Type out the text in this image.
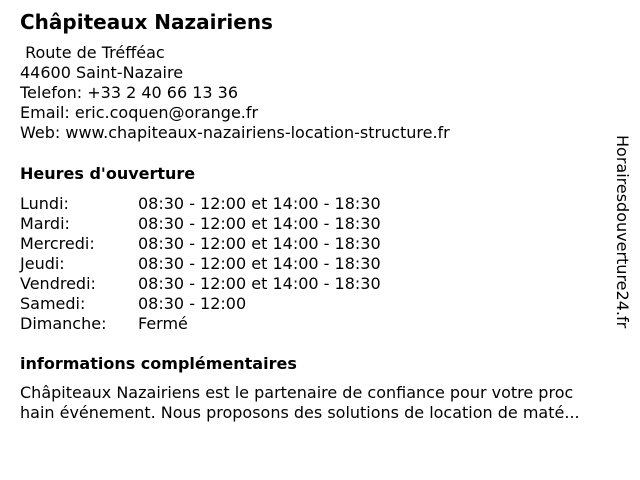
Châpiteaux Nazairiens
Route de Tréfféac
44600 Saint-Nazaire
Telefon: +33 2 40 66 13 36
Email: eric.coquen@orange.fr
Web: www.chapiteaux-nazairiens-location-structure.fr
Heures d'ouverture
Lundi:	08:30 - 12:00 et 14:00 - 18:30
Mardi:	08:30 - 12:00 et 14:00 - 18:30
Mercredi:	08:30 - 12:00 et 14:00 - 18:30
Jeudi:	08:30 - 12:00 et 14:00 - 18:30
Vendredi:	08:30 - 12:00 et 14:00 - 18:30
Samedi:	08:30 - 12:00
Dimanche: Fermé
informations complémentaires
Châpiteaux Nazairiens est le partenaire de confiance pour votre proc
hain événement. Nous proposons des solutions de location de maté...
Horairesdouverture24.fr
